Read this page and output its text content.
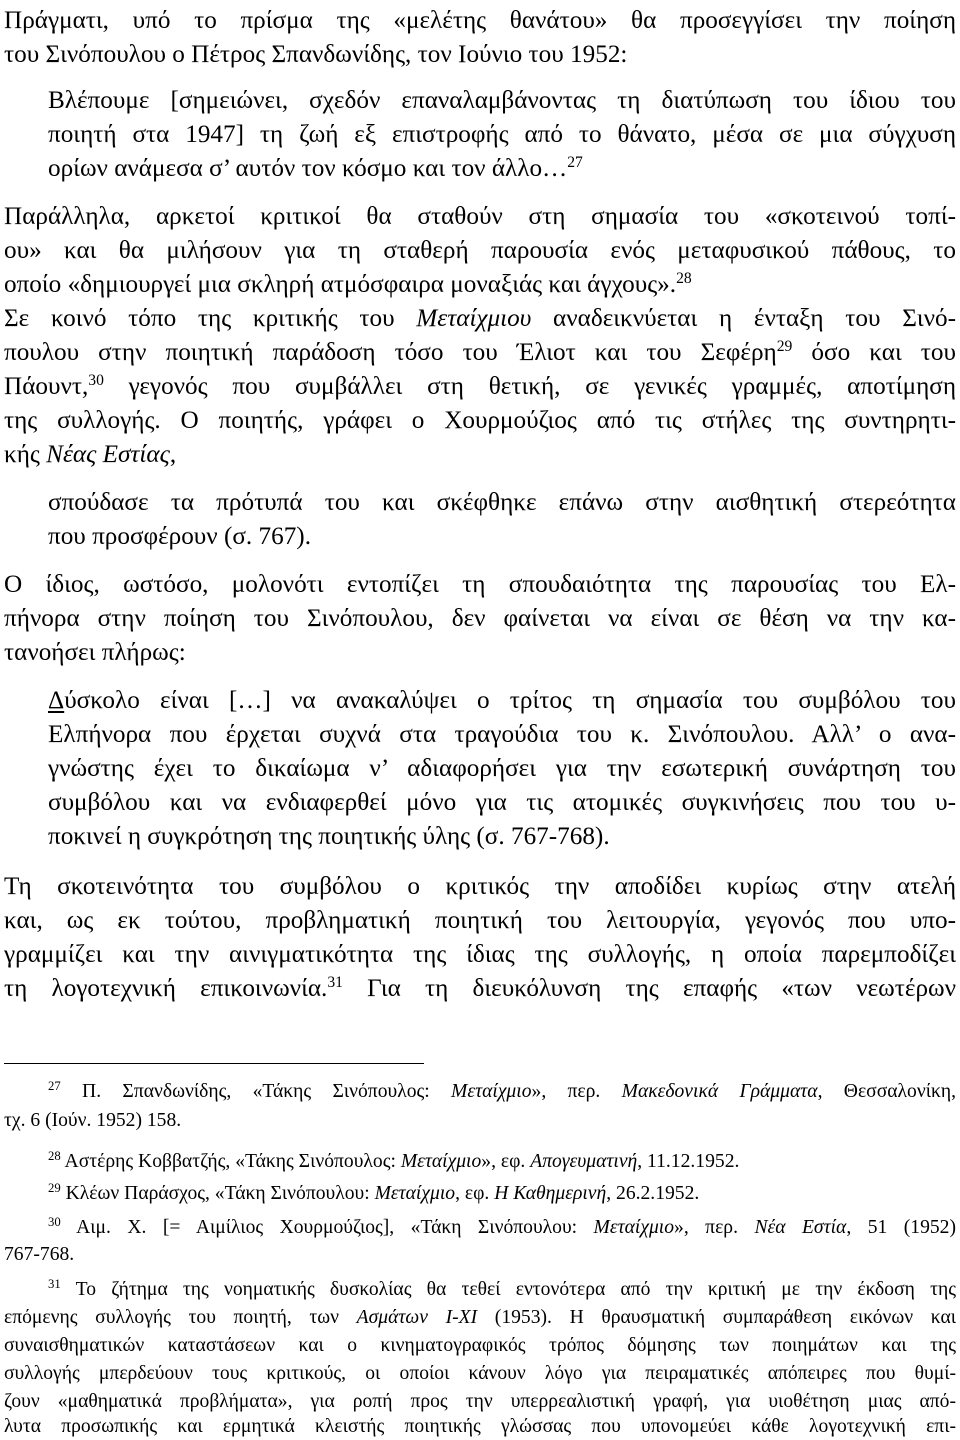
Πράγματι, υπό το πρίσμα της «μελέτης θανάτου» θα προσεγγίσει την ποίηση
του Σινόπουλου ο Πέτρος Σπανδωνίδης, τον Ιούνιο του 1952:
Βλέπουμε [σημειώνει, σχεδόν επαναλαμβάνοντας τη διατύπωση του ίδιου του
ποιητή στα 1947] τη ζωή εξ επιστροφής από το θάνατο, μέσα σε μια σύγχυση
ορίων ανάμεσα σ’ αυτόν τον κόσμο και τον άλλο…$^{27}$
Παράλληλα, αρκετοί κριτικοί θα σταθούν στη σημασία του «σκοτεινού τοπί-
ου» και θα μιλήσουν για τη σταθερή παρουσία ενός μεταφυσικού πάθους, το
οποίο «δημιουργεί μια σκληρή ατμόσφαιρα μοναξιάς και άγχους».$^{28}$
Σε κοινό τόπο της κριτικής του Μεταίχμιου αναδεικνύεται η ένταξη του Σινό-
πουλου στην ποιητική παράδοση τόσο του Έλιοτ και του Σεφέρη$^{29}$ όσο και του
Πάουντ,$^{30}$ γεγονός που συμβάλλει στη θετική, σε γενικές γραμμές, αποτίμηση
της συλλογής. Ο ποιητής, γράφει ο Χουρμούζιος από τις στήλες της συντηρητι-
κής Νέας Εστίας,
σπούδασε τα πρότυπά του και σκέφθηκε επάνω στην αισθητική στερεότητα
που προσφέρουν (σ. 767).
Ο ίδιος, ωστόσο, μολονότι εντοπίζει τη σπουδαιότητα της παρουσίας του Ελ-
πήνορα στην ποίηση του Σινόπουλου, δεν φαίνεται να είναι σε θέση να την κα-
τανοήσει πλήρως:
Δύσκολο είναι […] να ανακαλύψει ο τρίτος τη σημασία του συμβόλου του
Ελπήνορα που έρχεται συχνά στα τραγούδια του κ. Σινόπουλου. Αλλ’ ο ανα-
γνώστης έχει το δικαίωμα ν’ αδιαφορήσει για την εσωτερική συνάρτηση του
συμβόλου και να ενδιαφερθεί μόνο για τις ατομικές συγκινήσεις που του υ-
ποκινεί η συγκρότηση της ποιητικής ύλης (σ. 767-768).
Τη σκοτεινότητα του συμβόλου ο κριτικός την αποδίδει κυρίως στην ατελή
και, ως εκ τούτου, προβληματική ποιητική του λειτουργία, γεγονός που υπο-
γραμμίζει και την αινιγματικότητα της ίδιας της συλλογής, η οποία παρεμποδίζει
τη λογοτεχνική επικοινωνία.$^{31}$ Για τη διευκόλυνση της επαφής «των νεωτέρων
$^{27}$ Π. Σπανδωνίδης, «Τάκης Σινόπουλος: Μεταίχμιο», περ. Μακεδονικά Γράμματα, Θεσσαλονίκη,
τχ. 6 (Ιούν. 1952) 158.
$^{28}$ Αστέρης Κοββατζής, «Τάκης Σινόπουλος: Μεταίχμιο», εφ. Απογευματινή, 11.12.1952.
$^{29}$ Κλέων Παράσχος, «Τάκη Σινόπουλου: Μεταίχμιο, εφ. Η Καθημερινή, 26.2.1952.
$^{30}$ Αιμ. Χ. [= Αιμίλιος Χουρμούζιος], «Τάκη Σινόπουλου: Μεταίχμιο», περ. Νέα Εστία, 51 (1952)
767-768.
$^{31}$ Το ζήτημα της νοηματικής δυσκολίας θα τεθεί εντονότερα από την κριτική με την έκδοση της
επόμενης συλλογής του ποιητή, των Ασμάτων Ι-ΧΙ (1953). Η θραυσματική συμπαράθεση εικόνων και
συναισθηματικών καταστάσεων και ο κινηματογραφικός τρόπος δόμησης των ποιημάτων και της
συλλογής μπερδεύουν τους κριτικούς, οι οποίοι κάνουν λόγο για πειραματικές απόπειρες που θυμί-
ζουν «μαθηματικά προβλήματα», για ροπή προς την υπερρεαλιστική γραφή, για υιοθέτηση μιας από-
λυτα προσωπικής και ερμητικά κλειστής ποιητικής γλώσσας που υπονομεύει κάθε λογοτεχνική επι-
